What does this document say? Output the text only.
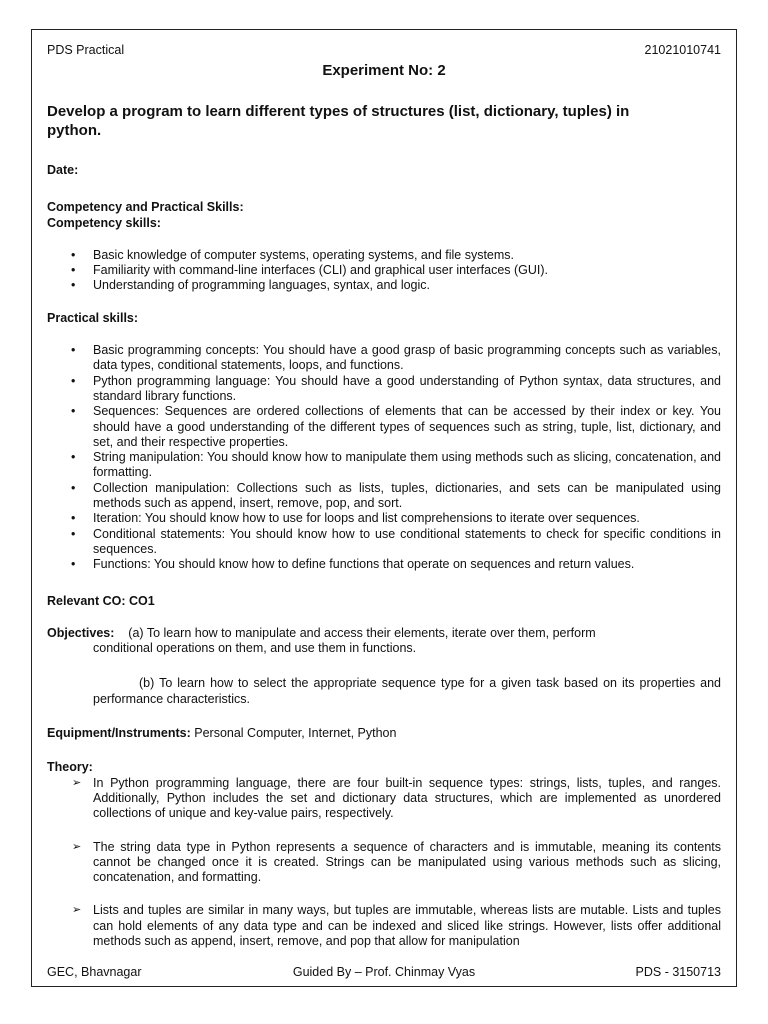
PDS Practical	21021010741
Experiment No: 2
Develop a program to learn different types of structures (list, dictionary, tuples) in python.

Date:

Competency and Practical Skills:

Competency skills:

• Basic knowledge of computer systems, operating systems, and file systems.
• Familiarity with command-line interfaces (CLI) and graphical user interfaces (GUI).
• Understanding of programming languages, syntax, and logic.

Practical skills:

• Basic programming concepts: You should have a good grasp of basic programming concepts such as variables, data types, conditional statements, loops, and functions.
• Python programming language: You should have a good understanding of Python syntax, data structures, and standard library functions.
• Sequences: Sequences are ordered collections of elements that can be accessed by their index or key. You should have a good understanding of the different types of sequences such as string, tuple, list, dictionary, and set, and their respective properties.
• String manipulation: You should know how to manipulate them using methods such as slicing, concatenation, and formatting.
• Collection manipulation: Collections such as lists, tuples, dictionaries, and sets can be manipulated using methods such as append, insert, remove, pop, and sort.
• Iteration: You should know how to use for loops and list comprehensions to iterate over sequences.
• Conditional statements: You should know how to use conditional statements to check for specific conditions in sequences.
• Functions: You should know how to define functions that operate on sequences and return values.

Relevant CO: CO1

Objectives: (a) To learn how to manipulate and access their elements, iterate over them, perform
conditional operations on them, and use them in functions.
(b) To learn how to select the appropriate sequence type for a given task based on its properties and performance characteristics.

Equipment/Instruments: Personal Computer, Internet, Python

Theory:

➢ In Python programming language, there are four built-in sequence types: strings, lists, tuples, and ranges. Additionally, Python includes the set and dictionary data structures, which are implemented as unordered collections of unique and key-value pairs, respectively.
➢ The string data type in Python represents a sequence of characters and is immutable, meaning its contents cannot be changed once it is created. Strings can be manipulated using various methods such as slicing, concatenation, and formatting.
➢ Lists and tuples are similar in many ways, but tuples are immutable, whereas lists are mutable. Lists and tuples can hold elements of any data type and can be indexed and sliced like strings. However, lists offer additional methods such as append, insert, remove, and pop that allow for manipulation
GEC, Bhavnagar	Guided By – Prof. Chinmay Vyas	PDS - 3150713
